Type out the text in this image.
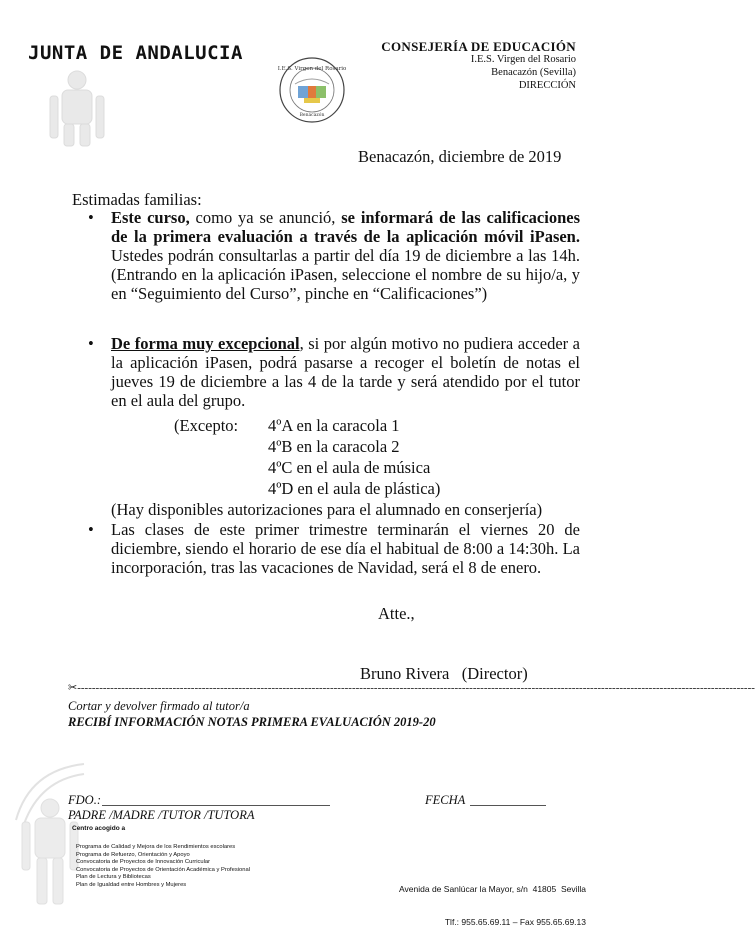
JUNTA DE ANDALUCIA
I.E.S. Virgen del Rosario
Benacazón
CONSEJERÍA DE EDUCACIÓN
I.E.S. Virgen del Rosario
Benacazón (Sevilla)
DIRECCIÓN
Benacazón, diciembre de 2019
Estimadas familias:
• Este curso, como ya se anunció, se informará de las calificaciones de la primera evaluación a través de la aplicación móvil iPasen. Ustedes podrán consultarlas a partir del día 19 de diciembre a las 14h. (Entrando en la aplicación iPasen, seleccione el nombre de su hijo/a, y en “Seguimiento del Curso”, pinche en “Calificaciones”)
• De forma muy excepcional, si por algún motivo no pudiera acceder a la aplicación iPasen, podrá pasarse a recoger el boletín de notas el jueves 19 de diciembre a las 4 de la tarde y será atendido por el tutor en el aula del grupo.
(Excepto: 4ºA en la caracola 1
4ºB en la caracola 2
4ºC en el aula de música
4ºD en el aula de plástica)
(Hay disponibles autorizaciones para el alumnado en conserjería)
• Las clases de este primer trimestre terminarán el viernes 20 de diciembre, siendo el horario de ese día el habitual de 8:00 a 14:30h. La incorporación, tras las vacaciones de Navidad, será el 8 de enero.
Atte.,
Bruno Rivera   (Director)
✂-----------------------------------------------------------------------------------------------------------------------------------------------------------------------------------------
Cortar y devolver firmado al tutor/a
RECIBÍ INFORMACIÓN NOTAS PRIMERA EVALUACIÓN 2019-20
FDO.:	FECHA
PADRE /MADRE /TUTOR /TUTORA
Centro acogido a
Programa de Calidad y Mejora de los Rendimientos escolares
Programa de Refuerzo, Orientación y Apoyo
Convocatoria de Proyectos de Innovación Curricular
Convocatoria de Proyectos de Orientación Académica y Profesional
Plan de Lectura y Bibliotecas
Plan de Igualdad entre Hombres y Mujeres

	Avenida de Sanlúcar la Mayor, s/n  41805  Sevilla

Tlf.: 955.65.69.11 – Fax 955.65.69.13
